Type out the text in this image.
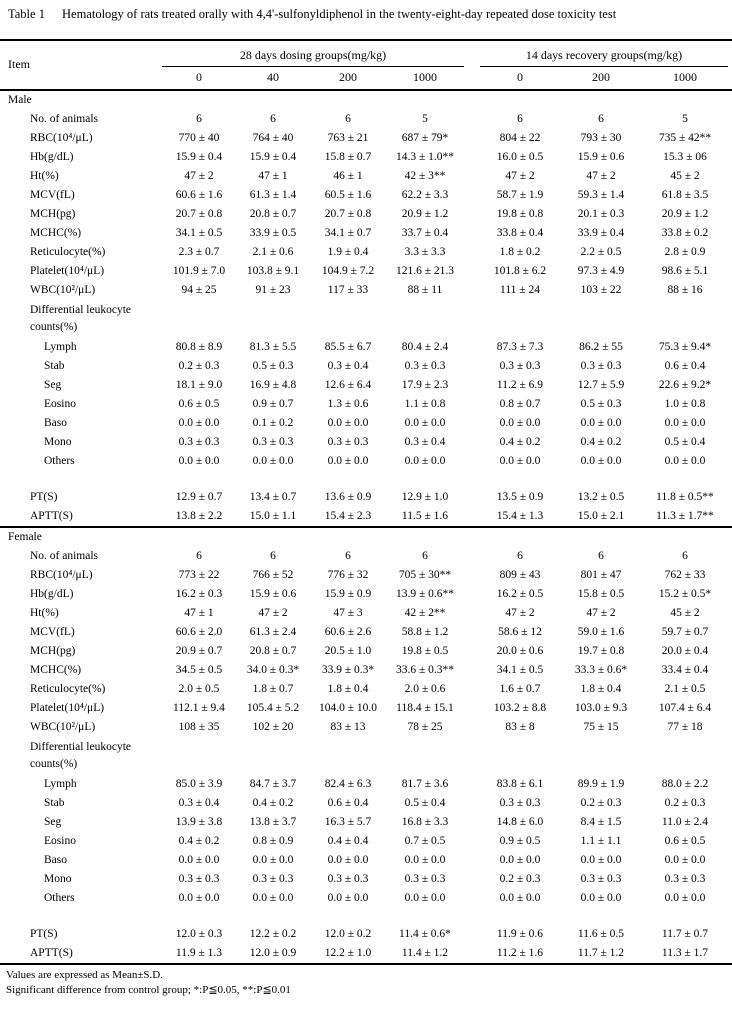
Table 1	Hematology of rats treated orally with 4,4'-sulfonyldiphenol in the twenty-eight-day repeated dose toxicity test
Item
28 days dosing groups(mg/kg)	14 days recovery groups(mg/kg)
0	40	200	1000	0	200	1000
Male
No. of animals	6	6	6	5	6	6	5
RBC(10⁴/μL)	770 ± 40	764 ± 40	763 ± 21	687 ± 79*	804 ± 22	793 ± 30	735 ± 42**
Hb(g/dL)	15.9 ± 0.4	15.9 ± 0.4	15.8 ± 0.7	14.3 ± 1.0**	16.0 ± 0.5	15.9 ± 0.6	15.3 ± 06
Ht(%)	47 ± 2	47 ± 1	46 ± 1	42 ± 3**	47 ± 2	47 ± 2	45 ± 2
MCV(fL)	60.6 ± 1.6	61.3 ± 1.4	60.5 ± 1.6	62.2 ± 3.3	58.7 ± 1.9	59.3 ± 1.4	61.8 ± 3.5
MCH(pg)	20.7 ± 0.8	20.8 ± 0.7	20.7 ± 0.8	20.9 ± 1.2	19.8 ± 0.8	20.1 ± 0.3	20.9 ± 1.2
MCHC(%)	34.1 ± 0.5	33.9 ± 0.5	34.1 ± 0.7	33.7 ± 0.4	33.8 ± 0.4	33.9 ± 0.4	33.8 ± 0.2
Reticulocyte(%)	2.3 ± 0.7	2.1 ± 0.6	1.9 ± 0.4	3.3 ± 3.3	1.8 ± 0.2	2.2 ± 0.5	2.8 ± 0.9
Platelet(10⁴/μL)	101.9 ± 7.0	103.8 ± 9.1	104.9 ± 7.2	121.6 ± 21.3	101.8 ± 6.2	97.3 ± 4.9	98.6 ± 5.1
WBC(10²/μL)	94 ± 25	91 ± 23	117 ± 33	88 ± 11	111 ± 24	103 ± 22	88 ± 16
Differential leukocyte counts(%)
Lymph	80.8 ± 8.9	81.3 ± 5.5	85.5 ± 6.7	80.4 ± 2.4	87.3 ± 7.3	86.2 ± 55	75.3 ± 9.4*
Stab	0.2 ± 0.3	0.5 ± 0.3	0.3 ± 0.4	0.3 ± 0.3	0.3 ± 0.3	0.3 ± 0.3	0.6 ± 0.4
Seg	18.1 ± 9.0	16.9 ± 4.8	12.6 ± 6.4	17.9 ± 2.3	11.2 ± 6.9	12.7 ± 5.9	22.6 ± 9.2*
Eosino	0.6 ± 0.5	0.9 ± 0.7	1.3 ± 0.6	1.1 ± 0.8	0.8 ± 0.7	0.5 ± 0.3	1.0 ± 0.8
Baso	0.0 ± 0.0	0.1 ± 0.2	0.0 ± 0.0	0.0 ± 0.0	0.0 ± 0.0	0.0 ± 0.0	0.0 ± 0.0
Mono	0.3 ± 0.3	0.3 ± 0.3	0.3 ± 0.3	0.3 ± 0.4	0.4 ± 0.2	0.4 ± 0.2	0.5 ± 0.4
Others	0.0 ± 0.0	0.0 ± 0.0	0.0 ± 0.0	0.0 ± 0.0	0.0 ± 0.0	0.0 ± 0.0	0.0 ± 0.0
PT(S)	12.9 ± 0.7	13.4 ± 0.7	13.6 ± 0.9	12.9 ± 1.0	13.5 ± 0.9	13.2 ± 0.5	11.8 ± 0.5**
APTT(S)	13.8 ± 2.2	15.0 ± 1.1	15.4 ± 2.3	11.5 ± 1.6	15.4 ± 1.3	15.0 ± 2.1	11.3 ± 1.7**
Female
No. of animals	6	6	6	6	6	6	6
RBC(10⁴/μL)	773 ± 22	766 ± 52	776 ± 32	705 ± 30**	809 ± 43	801 ± 47	762 ± 33
Hb(g/dL)	16.2 ± 0.3	15.9 ± 0.6	15.9 ± 0.9	13.9 ± 0.6**	16.2 ± 0.5	15.8 ± 0.5	15.2 ± 0.5*
Ht(%)	47 ± 1	47 ± 2	47 ± 3	42 ± 2**	47 ± 2	47 ± 2	45 ± 2
MCV(fL)	60.6 ± 2.0	61.3 ± 2.4	60.6 ± 2.6	58.8 ± 1.2	58.6 ± 12	59.0 ± 1.6	59.7 ± 0.7
MCH(pg)	20.9 ± 0.7	20.8 ± 0.7	20.5 ± 1.0	19.8 ± 0.5	20.0 ± 0.6	19.7 ± 0.8	20.0 ± 0.4
MCHC(%)	34.5 ± 0.5	34.0 ± 0.3*	33.9 ± 0.3*	33.6 ± 0.3**	34.1 ± 0.5	33.3 ± 0.6*	33.4 ± 0.4
Reticulocyte(%)	2.0 ± 0.5	1.8 ± 0.7	1.8 ± 0.4	2.0 ± 0.6	1.6 ± 0.7	1.8 ± 0.4	2.1 ± 0.5
Platelet(10⁴/μL)	112.1 ± 9.4	105.4 ± 5.2	104.0 ± 10.0	118.4 ± 15.1	103.2 ± 8.8	103.0 ± 9.3	107.4 ± 6.4
WBC(10²/μL)	108 ± 35	102 ± 20	83 ± 13	78 ± 25	83 ± 8	75 ± 15	77 ± 18
Differential leukocyte counts(%)
Lymph	85.0 ± 3.9	84.7 ± 3.7	82.4 ± 6.3	81.7 ± 3.6	83.8 ± 6.1	89.9 ± 1.9	88.0 ± 2.2
Stab	0.3 ± 0.4	0.4 ± 0.2	0.6 ± 0.4	0.5 ± 0.4	0.3 ± 0.3	0.2 ± 0.3	0.2 ± 0.3
Seg	13.9 ± 3.8	13.8 ± 3.7	16.3 ± 5.7	16.8 ± 3.3	14.8 ± 6.0	8.4 ± 1.5	11.0 ± 2.4
Eosino	0.4 ± 0.2	0.8 ± 0.9	0.4 ± 0.4	0.7 ± 0.5	0.9 ± 0.5	1.1 ± 1.1	0.6 ± 0.5
Baso	0.0 ± 0.0	0.0 ± 0.0	0.0 ± 0.0	0.0 ± 0.0	0.0 ± 0.0	0.0 ± 0.0	0.0 ± 0.0
Mono	0.3 ± 0.3	0.3 ± 0.3	0.3 ± 0.3	0.3 ± 0.3	0.2 ± 0.3	0.3 ± 0.3	0.3 ± 0.3
Others	0.0 ± 0.0	0.0 ± 0.0	0.0 ± 0.0	0.0 ± 0.0	0.0 ± 0.0	0.0 ± 0.0	0.0 ± 0.0
PT(S)	12.0 ± 0.3	12.2 ± 0.2	12.0 ± 0.2	11.4 ± 0.6*	11.9 ± 0.6	11.6 ± 0.5	11.7 ± 0.7
APTT(S)	11.9 ± 1.3	12.0 ± 0.9	12.2 ± 1.0	11.4 ± 1.2	11.2 ± 1.6	11.7 ± 1.2	11.3 ± 1.7
Values are expressed as Mean±S.D.
Significant difference from control group; *:P≦0.05, **:P≦0.01
